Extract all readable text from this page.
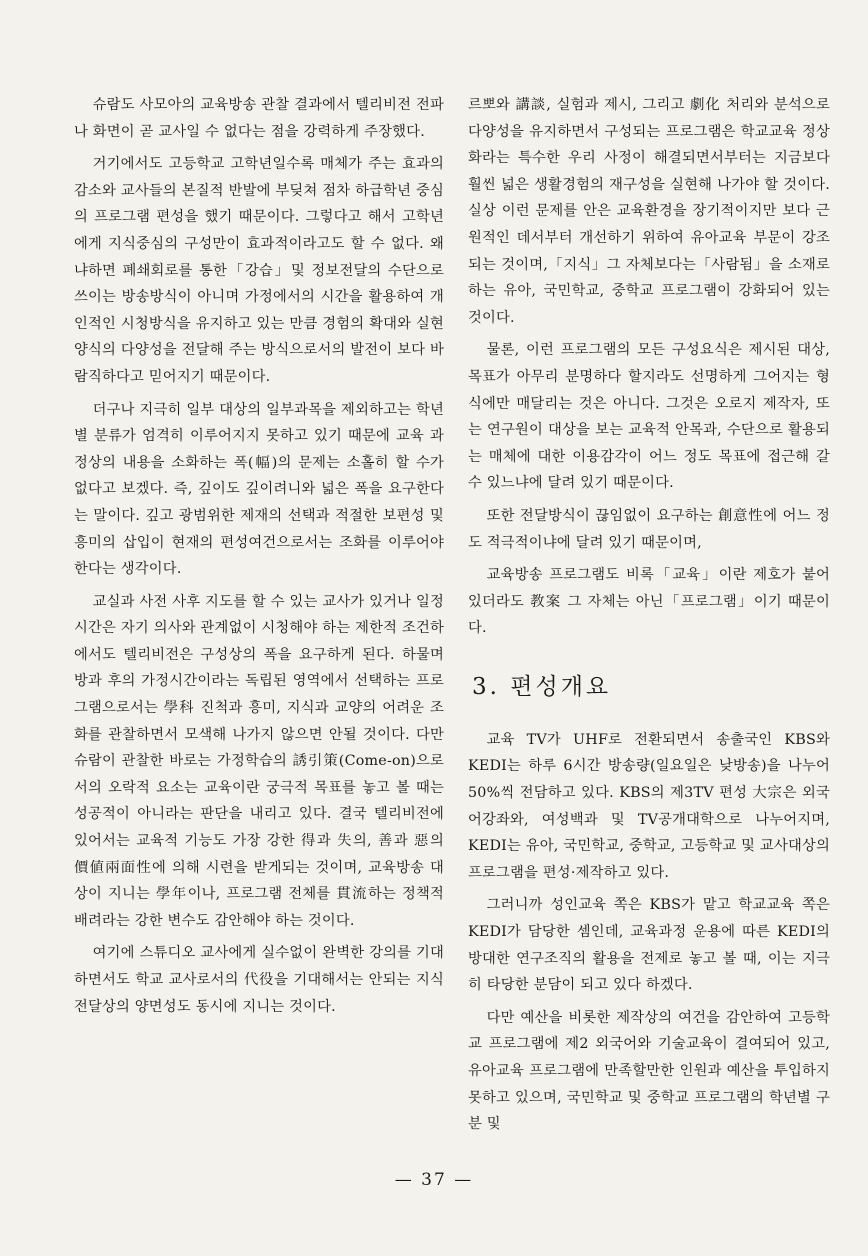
슈람도 사모아의 교육방송 관찰 결과에서 텔리비전 전파나 화면이 곧 교사일 수 없다는 점을 강력하게 주장했다.

거기에서도 고등학교 고학년일수록 매체가 주는 효과의 감소와 교사들의 본질적 반발에 부딪쳐 점차 하급학년 중심의 프로그램 편성을 했기 때문이다. 그렇다고 해서 고학년에게 지식중심의 구성만이 효과적이라고도 할 수 없다. 왜냐하면 폐쇄회로를 통한「강습」및 정보전달의 수단으로 쓰이는 방송방식이 아니며 가정에서의 시간을 활용하여 개인적인 시청방식을 유지하고 있는 만큼 경험의 확대와 실현양식의 다양성을 전달해 주는 방식으로서의 발전이 보다 바람직하다고 믿어지기 때문이다.

더구나 지극히 일부 대상의 일부과목을 제외하고는 학년별 분류가 엄격히 이루어지지 못하고 있기 때문에 교육 과정상의 내용을 소화하는 폭(幅)의 문제는 소홀히 할 수가 없다고 보겠다. 즉, 깊이도 깊이려니와 넓은 폭을 요구한다는 말이다. 깊고 광범위한 제재의 선택과 적절한 보편성 및 흥미의 삽입이 현재의 편성여건으로서는 조화를 이루어야 한다는 생각이다.

교실과 사전 사후 지도를 할 수 있는 교사가 있거나 일정 시간은 자기 의사와 관계없이 시청해야 하는 제한적 조건하에서도 텔리비전은 구성상의 폭을 요구하게 된다. 하물며 방과 후의 가정시간이라는 독립된 영역에서 선택하는 프로그램으로서는 學科 진척과 흥미, 지식과 교양의 어려운 조화를 관찰하면서 모색해 나가지 않으면 안될 것이다. 다만 슈람이 관찰한 바로는 가정학습의 誘引策(Come-on)으로서의 오락적 요소는 교육이란 궁극적 목표를 놓고 볼 때는 성공적이 아니라는 판단을 내리고 있다. 결국 텔리비전에 있어서는 교육적 기능도 가장 강한 得과 失의, 善과 惡의 價値兩面性에 의해 시련을 받게되는 것이며, 교육방송 대상이 지니는 學年이나, 프로그램 전체를 貫流하는 정책적 배려라는 강한 변수도 감안해야 하는 것이다.

여기에 스튜디오 교사에게 실수없이 완벽한 강의를 기대하면서도 학교 교사로서의 代役을 기대해서는 안되는 지식전달상의 양면성도 동시에 지니는 것이다.

르뽀와 講談, 실험과 제시, 그리고 劇化 처리와 분석으로 다양성을 유지하면서 구성되는 프로그램은 학교교육 정상화라는 특수한 우리 사정이 해결되면서부터는 지금보다 훨씬 넓은 생활경험의 재구성을 실현해 나가야 할 것이다. 실상 이런 문제를 안은 교육환경을 장기적이지만 보다 근원적인 데서부터 개선하기 위하여 유아교육 부문이 강조되는 것이며,「지식」그 자체보다는「사람됨」을 소재로 하는 유아, 국민학교, 중학교 프로그램이 강화되어 있는 것이다.

물론, 이런 프로그램의 모든 구성요식은 제시된 대상, 목표가 아무리 분명하다 할지라도 선명하게 그어지는 형식에만 매달리는 것은 아니다. 그것은 오로지 제작자, 또는 연구원이 대상을 보는 교육적 안목과, 수단으로 활용되는 매체에 대한 이용감각이 어느 정도 목표에 접근해 갈 수 있느냐에 달려 있기 때문이다.

또한 전달방식이 끊임없이 요구하는 創意性에 어느 정도 적극적이냐에 달려 있기 때문이며,

교육방송 프로그램도 비록「교육」이란 제호가 붙어 있더라도 教案 그 자체는 아닌「프로그램」이기 때문이다.

3. 편성개요

교육 TV가 UHF로 전환되면서 송출국인 KBS와 KEDI는 하루 6시간 방송량(일요일은 낮방송)을 나누어 50%씩 전담하고 있다. KBS의 제3TV 편성 大宗은 외국어강좌와, 여성백과 및 TV공개대학으로 나누어지며, KEDI는 유아, 국민학교, 중학교, 고등학교 및 교사대상의 프로그램을 편성·제작하고 있다.

그러니까 성인교육 쪽은 KBS가 맡고 학교교육 쪽은 KEDI가 담당한 셈인데, 교육과정 운용에 따른 KEDI의 방대한 연구조직의 활용을 전제로 놓고 볼 때, 이는 지극히 타당한 분담이 되고 있다 하겠다.

다만 예산을 비롯한 제작상의 여건을 감안하여 고등학교 프로그램에 제2 외국어와 기술교육이 결여되어 있고, 유아교육 프로그램에 만족할만한 인원과 예산을 투입하지 못하고 있으며, 국민학교 및 중학교 프로그램의 학년별 구분 및

— 37 —
